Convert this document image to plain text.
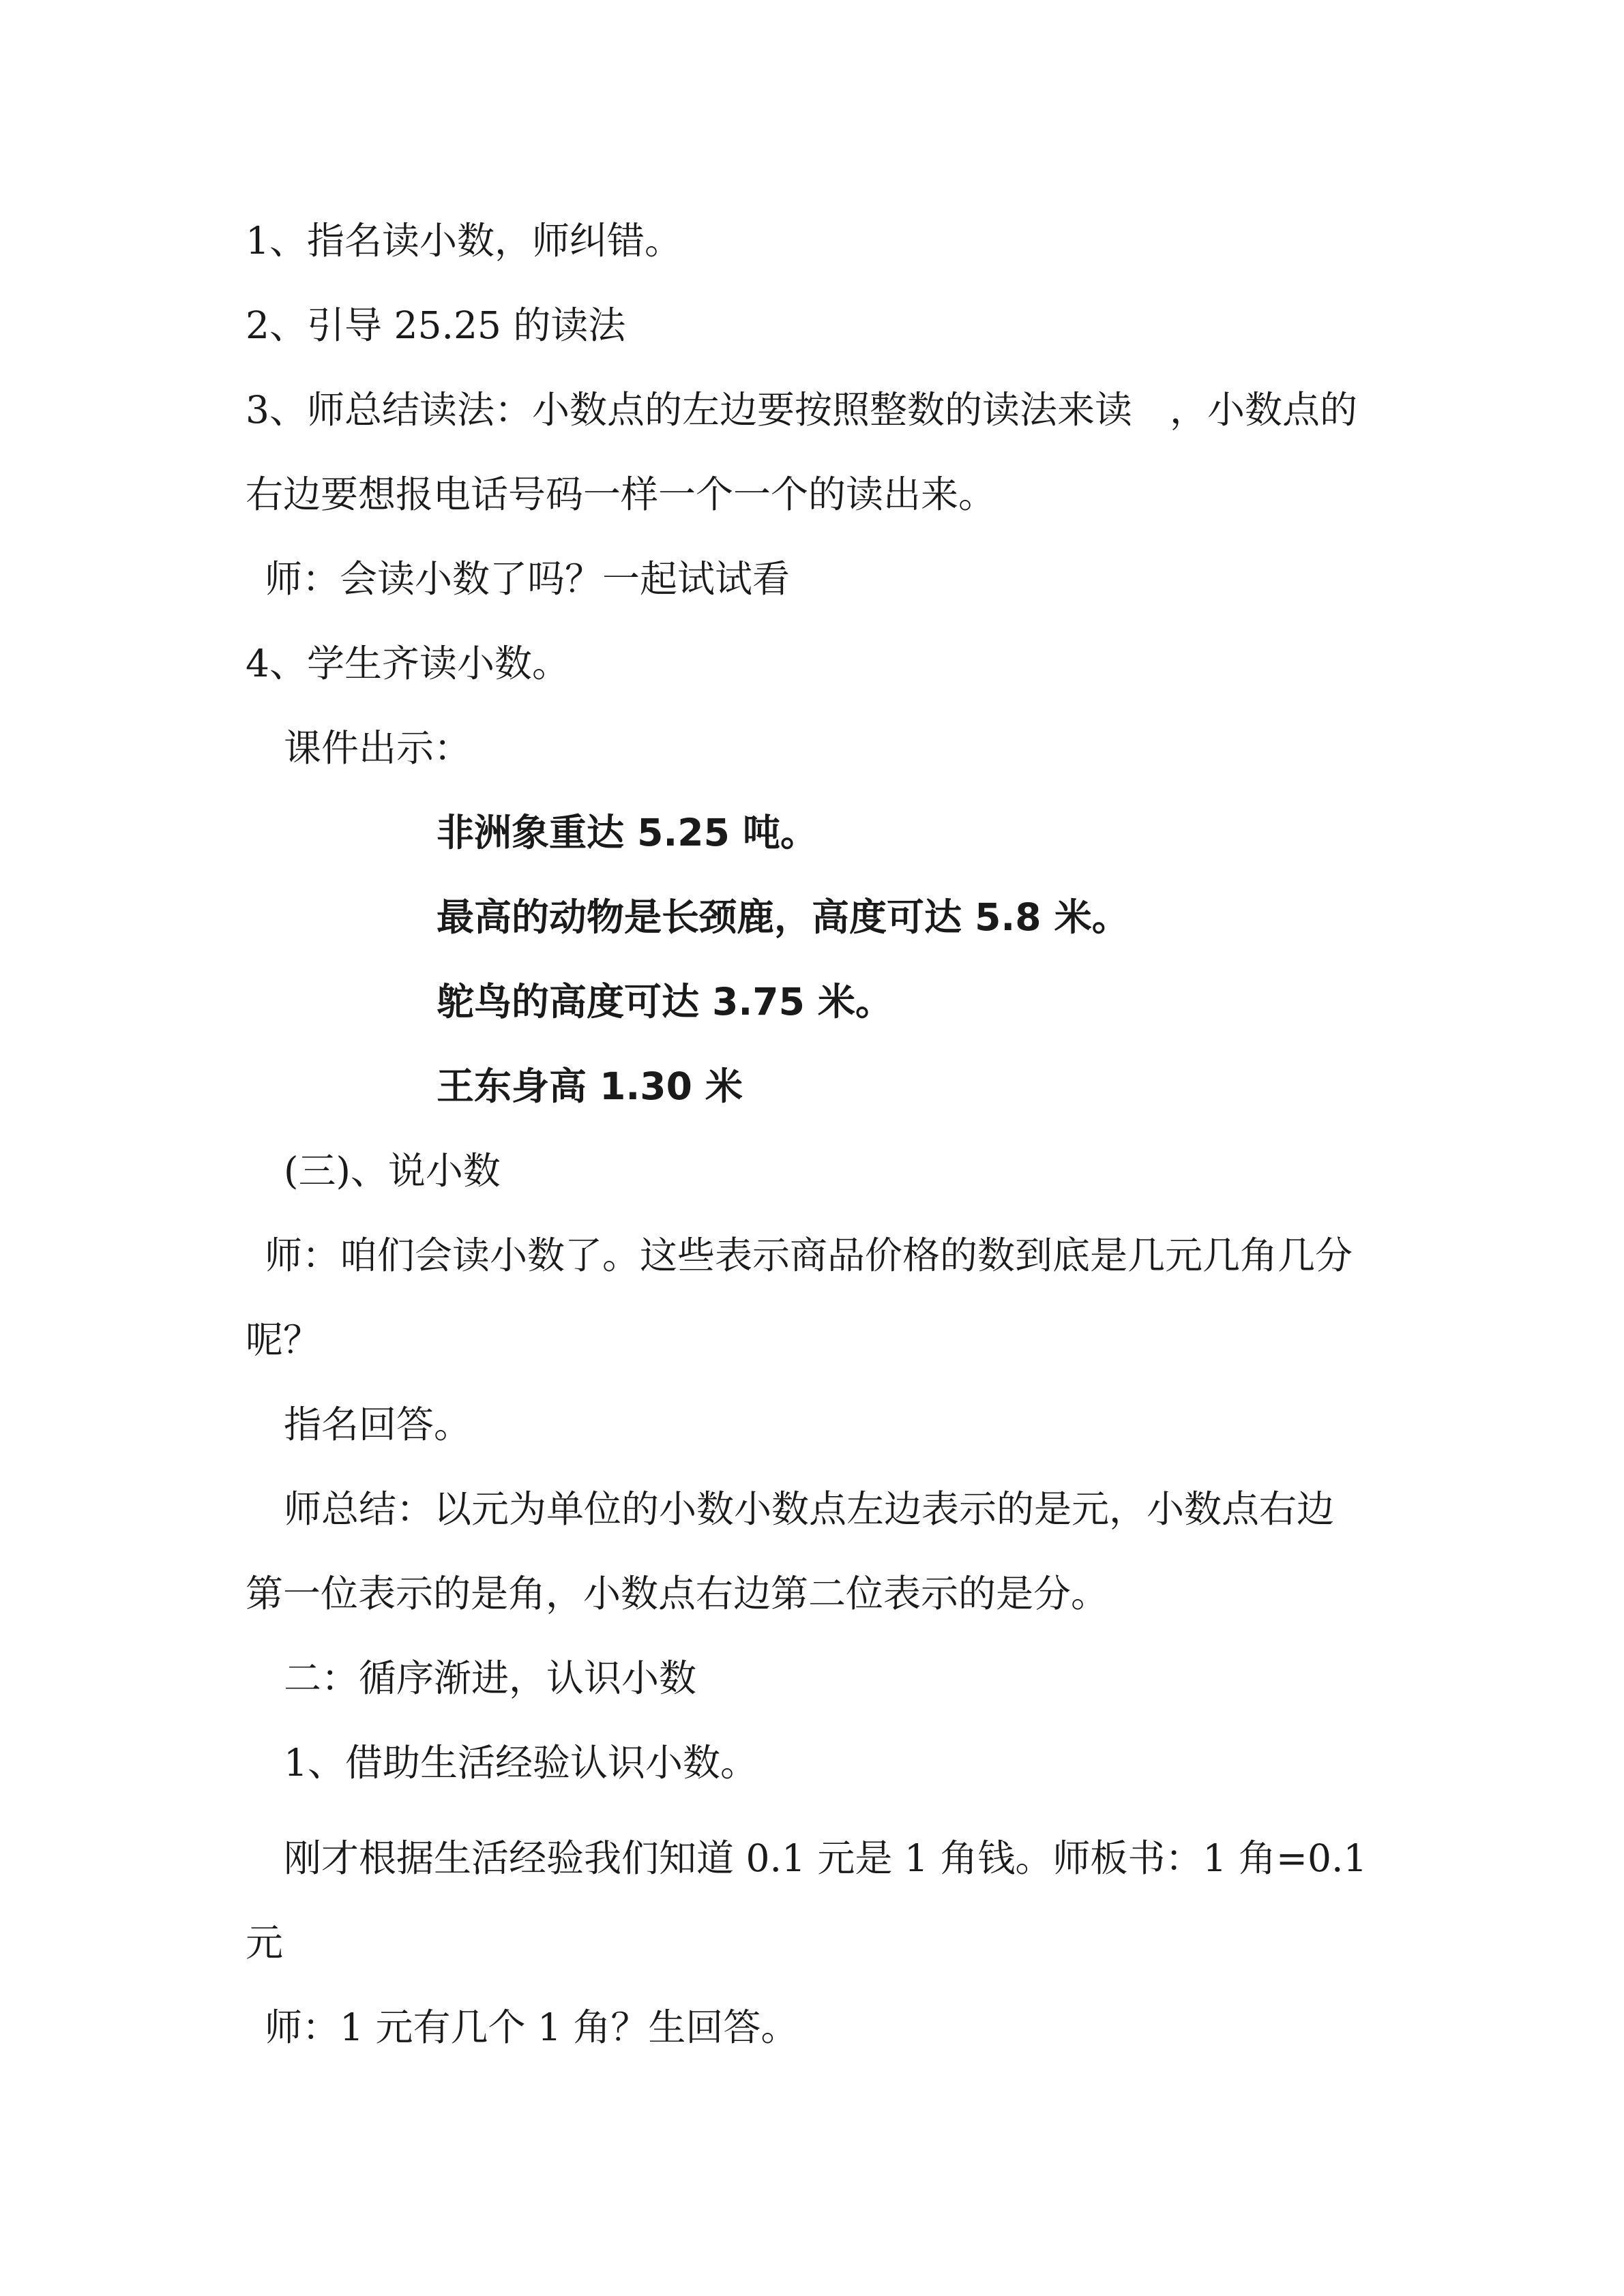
1、指名读小数，师纠错。

2、引导 25.25 的读法

3、师总结读法：小数点的左边要按照整数的读法来读　，小数点的

右边要想报电话号码一样一个一个的读出来。

师：会读小数了吗？一起试试看

4、学生齐读小数。

课件出示：

非洲象重达 5.25 吨。

最高的动物是长颈鹿，高度可达 5.8 米。

鸵鸟的高度可达 3.75 米。

王东身高 1.30 米

(三)、说小数

师：咱们会读小数了。这些表示商品价格的数到底是几元几角几分

呢？

指名回答。

师总结：以元为单位的小数小数点左边表示的是元，小数点右边

第一位表示的是角，小数点右边第二位表示的是分。

二：循序渐进，认识小数

1、借助生活经验认识小数。

刚才根据生活经验我们知道 0.1 元是 1 角钱。师板书：1 角=0.1

元

师：1 元有几个 1 角？生回答。
